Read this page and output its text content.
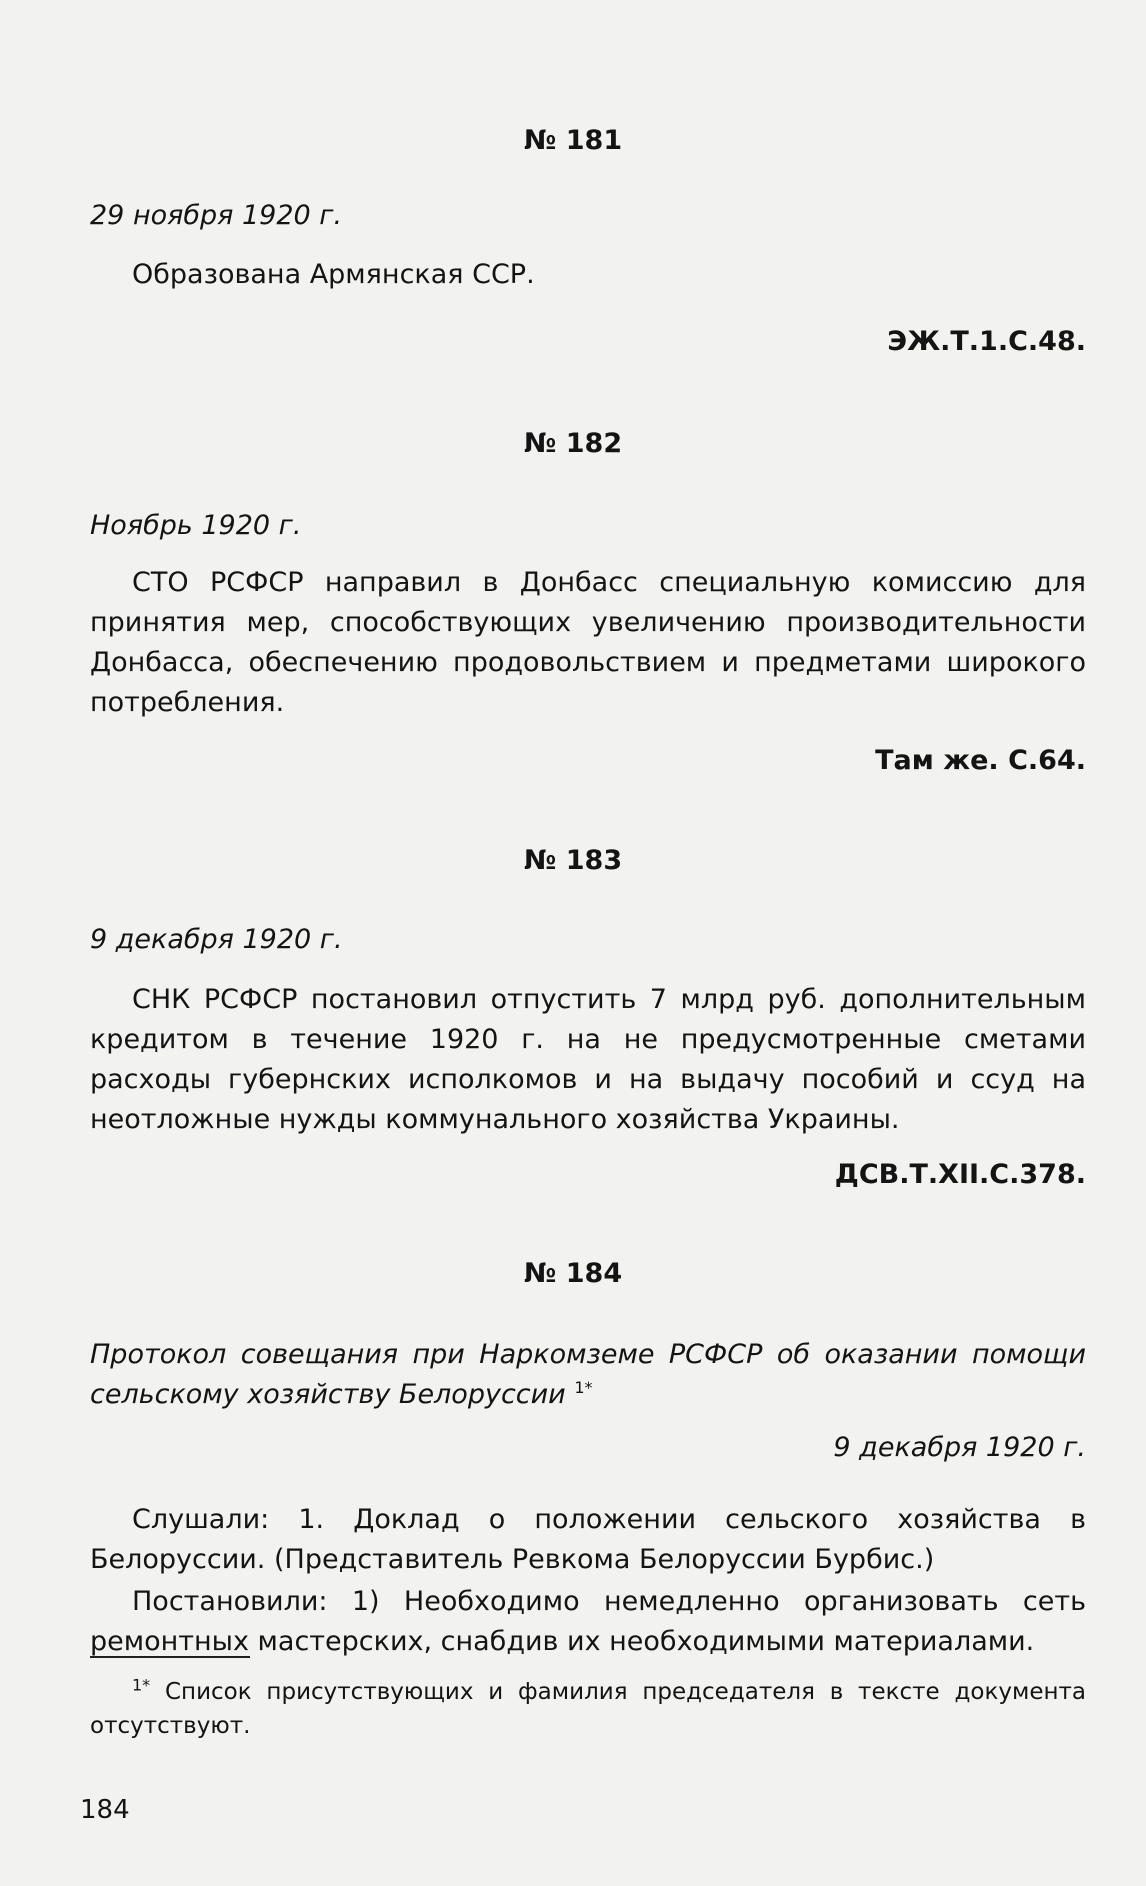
№ 181
29 ноября 1920 г.

Образована Армянская ССР.

ЭЖ.Т.1.С.48.
№ 182
Ноябрь 1920 г.

СТО РСФСР направил в Донбасс специальную комиссию для принятия мер, способствующих увеличению производительности Донбасса, обеспечению продовольствием и предметами широкого потребления.

Там же. С.64.
№ 183
9 декабря 1920 г.

СНК РСФСР постановил отпустить 7 млрд руб. дополнительным кредитом в течение 1920 г. на не предусмотренные сметами расходы губернских исполкомов и на выдачу пособий и ссуд на неотложные нужды коммунального хозяйства Украины.

ДСВ.Т.XII.С.378.
№ 184

Протокол совещания при Наркомземе РСФСР об оказании помощи сельскому хозяйству Белоруссии $^{1*}$

9 декабря 1920 г.

Слушали: 1. Доклад о положении сельского хозяйства в Белоруссии. (Представитель Ревкома Белоруссии Бурбис.)

Постановили: 1) Необходимо немедленно организовать сеть ремонтных мастерских, снабдив их необходимыми материалами.

$^{1*}$ Список присутствующих и фамилия председателя в тексте документа отсутствуют.

184
